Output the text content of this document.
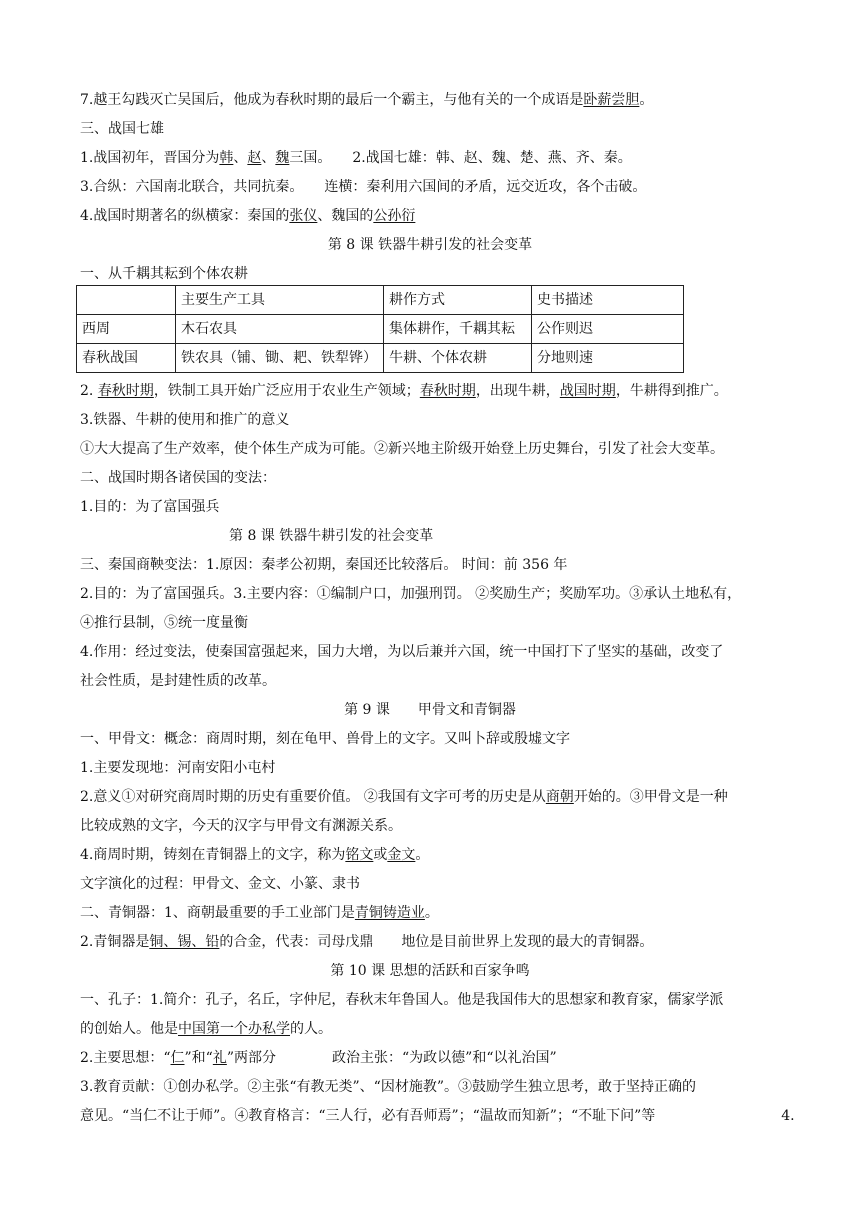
7.越王勾践灭亡吴国后，他成为春秋时期的最后一个霸主，与他有关的一个成语是卧薪尝胆。
三、战国七雄
1.战国初年，晋国分为韩、赵、魏三国。　　2.战国七雄：韩、赵、魏、楚、燕、齐、秦。
3.合纵：六国南北联合，共同抗秦。　　连横：秦利用六国间的矛盾，远交近攻，各个击破。
4.战国时期著名的纵横家：秦国的张仪、魏国的公孙衍
第 8 课 铁器牛耕引发的社会变革
一、从千耦其耘到个体农耕
	主要生产工具	耕作方式	史书描述
西周	木石农具	集体耕作，千耦其耘	公作则迟
春秋战国	铁农具（铺、锄、耙、铁犁铧）	牛耕、个体农耕	分地则速
2. 春秋时期，铁制工具开始广泛应用于农业生产领域；春秋时期，出现牛耕，战国时期，牛耕得到推广。
3.铁器、牛耕的使用和推广的意义
①大大提高了生产效率，使个体生产成为可能。②新兴地主阶级开始登上历史舞台，引发了社会大变革。
二、战国时期各诸侯国的变法：
1.目的：为了富国强兵
第 8 课 铁器牛耕引发的社会变革
三、秦国商鞅变法：1.原因：秦孝公初期，秦国还比较落后。 时间：前 356 年
2.目的：为了富国强兵。3.主要内容：①编制户口，加强刑罚。 ②奖励生产；奖励军功。③承认土地私有，
④推行县制，⑤统一度量衡
4.作用：经过变法，使秦国富强起来，国力大增，为以后兼并六国，统一中国打下了坚实的基础，改变了
社会性质，是封建性质的改革。
第 9 课　　甲骨文和青铜器
一、甲骨文：概念：商周时期，刻在龟甲、兽骨上的文字。又叫卜辞或殷墟文字
1.主要发现地：河南安阳小屯村
2.意义①对研究商周时期的历史有重要价值。 ②我国有文字可考的历史是从商朝开始的。③甲骨文是一种
比较成熟的文字，今天的汉字与甲骨文有渊源关系。
4.商周时期，铸刻在青铜器上的文字，称为铭文或金文。
文字演化的过程：甲骨文、金文、小篆、隶书
二、青铜器：1、商朝最重要的手工业部门是青铜铸造业。
2.青铜器是铜、锡、铅的合金，代表：司母戊鼎　　地位是目前世界上发现的最大的青铜器。
第 10 课 思想的活跃和百家争鸣
一、孔子：1.简介：孔子，名丘，字仲尼，春秋末年鲁国人。他是我国伟大的思想家和教育家，儒家学派
的创始人。他是中国第一个办私学的人。
2.主要思想：“仁”和“礼”两部分　　　　政治主张：“为政以德”和“以礼治国”
3.教育贡献：①创办私学。②主张“有教无类”、“因材施教”。③鼓励学生独立思考，敢于坚持正确的
意见。“当仁不让于师”。④教育格言：“三人行，必有吾师焉”；“温故而知新”；“不耻下问”等　　　　　　　　　4.
